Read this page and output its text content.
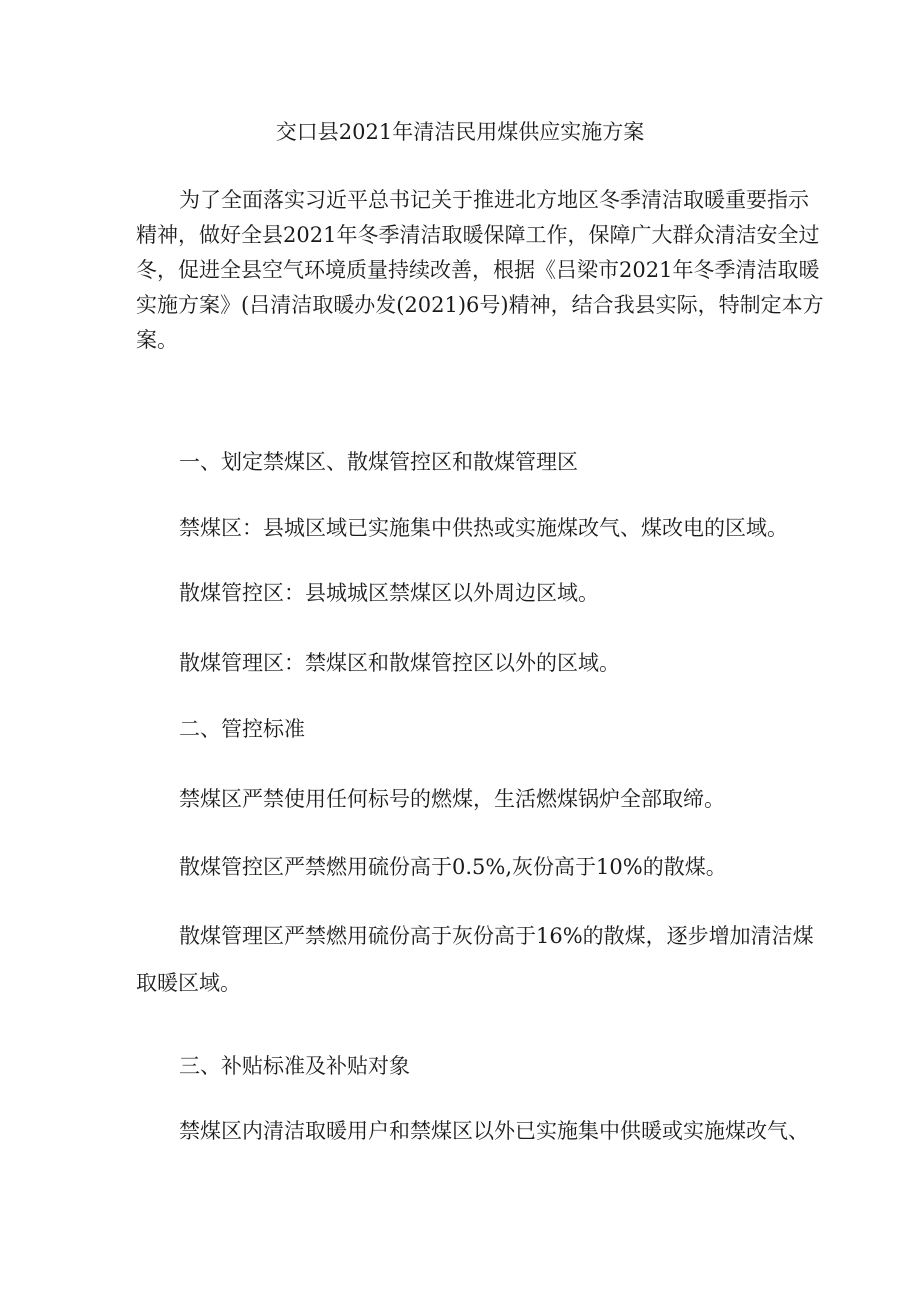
交口县2021年清洁民用煤供应实施方案
为了全面落实习近平总书记关于推进北方地区冬季清洁取暖重要指示
精神，做好全县2021年冬季清洁取暖保障工作，保障广大群众清洁安全过
冬，促进全县空气环境质量持续改善，根据《吕梁市2021年冬季清洁取暖
实施方案》(吕清洁取暖办发(2021)6号)精神，结合我县实际，特制定本方
案。
一、划定禁煤区、散煤管控区和散煤管理区
禁煤区：县城区域已实施集中供热或实施煤改气、煤改电的区域。
散煤管控区：县城城区禁煤区以外周边区域。
散煤管理区：禁煤区和散煤管控区以外的区域。
二、管控标准
禁煤区严禁使用任何标号的燃煤，生活燃煤锅炉全部取缔。
散煤管控区严禁燃用硫份高于0.5%,灰份高于10%的散煤。
散煤管理区严禁燃用硫份高于灰份高于16%的散煤，逐步增加清洁煤
取暖区域。
三、补贴标准及补贴对象
禁煤区内清洁取暖用户和禁煤区以外已实施集中供暖或实施煤改气、
